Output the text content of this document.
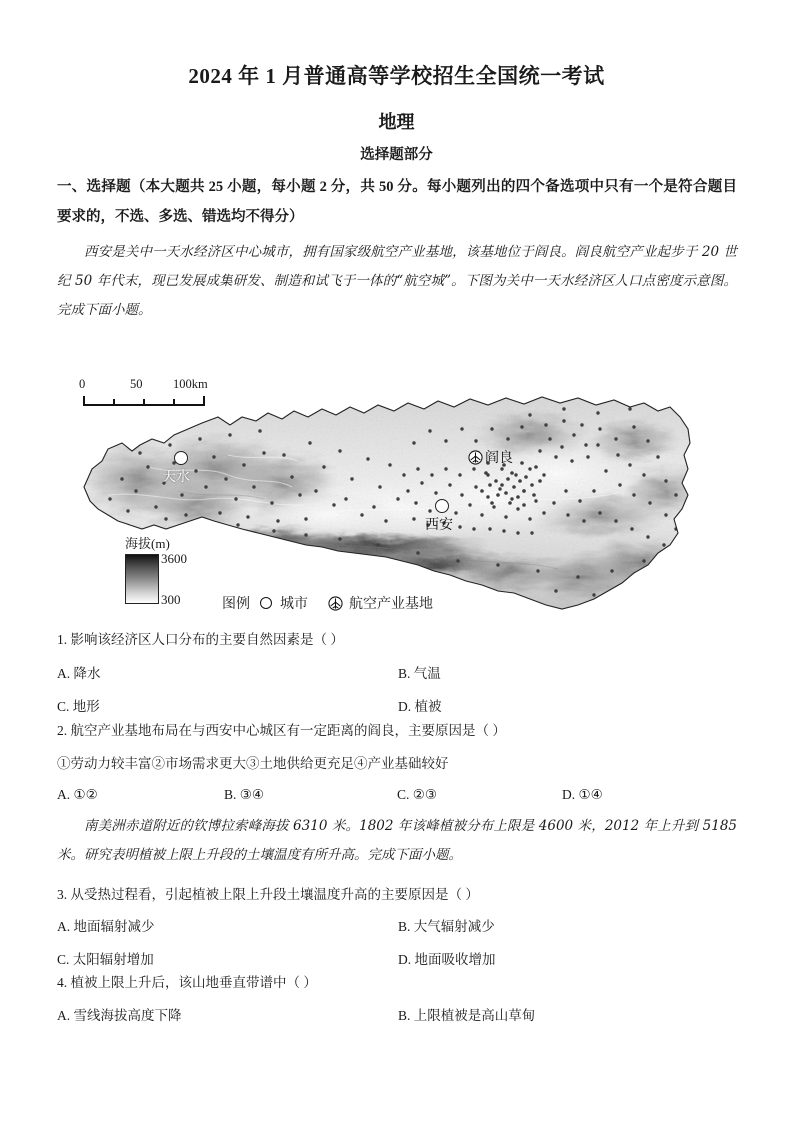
2024 年 1 月普通高等学校招生全国统一考试
地理
选择题部分
一、选择题（本大题共 25 小题，每小题 2 分，共 50 分。每小题列出的四个备选项中只有一个是符合题目要求的，不选、多选、错选均不得分）
西安是关中一天水经济区中心城市，拥有国家级航空产业基地，该基地位于阎良。阎良航空产业起步于 20 世纪 50 年代末，现已发展成集研发、制造和试飞于一体的“航空城”。下图为关中一天水经济区人口点密度示意图。完成下面小题。
0	50 100km
天水
西安
阎良
海拔(m)
3600
300	图例 城市	航空产业基地
1. 影响该经济区人口分布的主要自然因素是（ ）
A. 降水	B. 气温
C. 地形	D. 植被
2. 航空产业基地布局在与西安中心城区有一定距离的阎良，主要原因是（ ）
①劳动力较丰富②市场需求更大③土地供给更充足④产业基础较好
A. ①②	B. ③④	C. ②③	D. ①④
南美洲赤道附近的钦博拉索峰海拔 6310 米。1802 年该峰植被分布上限是 4600 米，2012 年上升到 5185 米。研究表明植被上限上升段的土壤温度有所升高。完成下面小题。
3. 从受热过程看，引起植被上限上升段土壤温度升高的主要原因是（ ）
A. 地面辐射减少	B. 大气辐射减少
C. 太阳辐射增加	D. 地面吸收增加
4. 植被上限上升后，该山地垂直带谱中（ ）
A. 雪线海拔高度下降	B. 上限植被是高山草甸
